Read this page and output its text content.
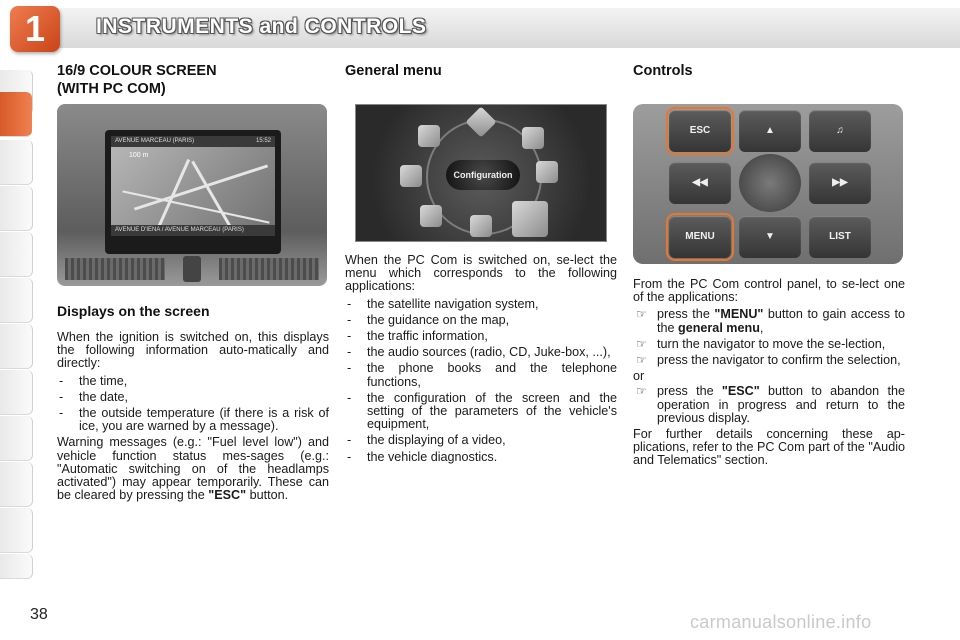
1	INSTRUMENTS and CONTROLS
16/9 COLOUR SCREEN
(WITH PC COM)
AVENUE MARCEAU (PARIS)	15:52
100 m
AVENUE D'IENA / AVENUE MARCEAU (PARIS)
Displays on the screen

When the ignition is switched on, this displays the following information auto-matically and directly:

- the time,
- the date,
- the outside temperature (if there is a risk of ice, you are warned by a message).

Warning messages (e.g.: "Fuel level low") and vehicle function status mes-sages (e.g.: "Automatic switching on of the headlamps activated") may appear temporarily. These can be cleared by pressing the "ESC" button.

General menu
Configuration

When the PC Com is switched on, se-lect the menu which corresponds to the following applications:

- the satellite navigation system,
- the guidance on the map,
- the traffic information,
- the audio sources (radio, CD, Juke-box, ...),
- the phone books and the telephone functions,
- the configuration of the screen and the setting of the parameters of the vehicle's equipment,
- the displaying of a video,
- the vehicle diagnostics.
Controls
ESC	▲	♫
◀◀	▶▶
MENU	▼	LIST

From the PC Com control panel, to se-lect one of the applications:

☞ press the "MENU" button to gain access to the general menu,
☞ turn the navigator to move the se-lection,
☞ press the navigator to confirm the selection,

or

☞ press the "ESC" button to abandon the operation in progress and return to the previous display.

For further details concerning these ap-plications, refer to the PC Com part of the "Audio and Telematics" section.

38	carmanualsonline.info
